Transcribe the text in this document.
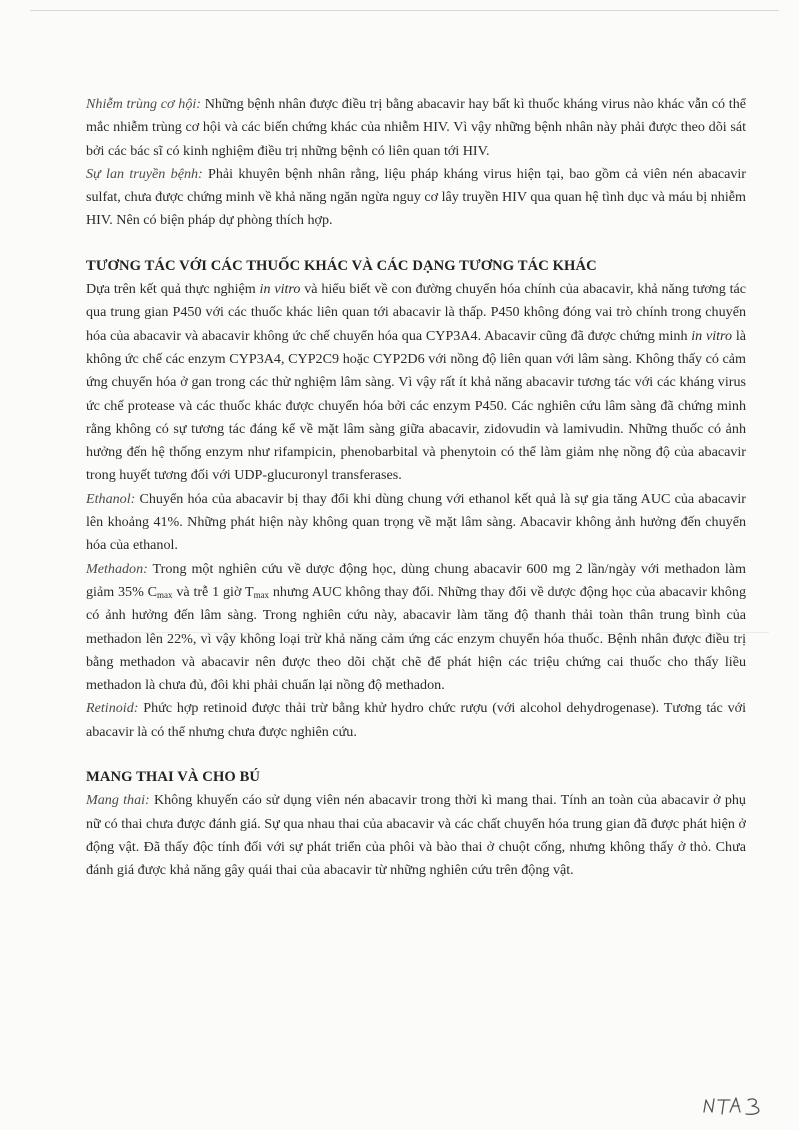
Nhiễm trùng cơ hội: Những bệnh nhân được điều trị bằng abacavir hay bất kì thuốc kháng virus nào khác vẫn có thể mắc nhiễm trùng cơ hội và các biến chứng khác của nhiễm HIV. Vì vậy những bệnh nhân này phải được theo dõi sát bởi các bác sĩ có kinh nghiệm điều trị những bệnh có liên quan tới HIV.

Sự lan truyền bệnh: Phải khuyên bệnh nhân rằng, liệu pháp kháng virus hiện tại, bao gồm cả viên nén abacavir sulfat, chưa được chứng minh về khả năng ngăn ngừa nguy cơ lây truyền HIV qua quan hệ tình dục và máu bị nhiễm HIV. Nên có biện pháp dự phòng thích hợp.

TƯƠNG TÁC VỚI CÁC THUỐC KHÁC VÀ CÁC DẠNG TƯƠNG TÁC KHÁC

Dựa trên kết quả thực nghiệm in vitro và hiểu biết về con đường chuyển hóa chính của abacavir, khả năng tương tác qua trung gian P450 với các thuốc khác liên quan tới abacavir là thấp. P450 không đóng vai trò chính trong chuyển hóa của abacavir và abacavir không ức chế chuyển hóa qua CYP3A4. Abacavir cũng đã được chứng minh in vitro là không ức chế các enzym CYP3A4, CYP2C9 hoặc CYP2D6 với nồng độ liên quan với lâm sàng. Không thấy có cảm ứng chuyển hóa ở gan trong các thử nghiệm lâm sàng. Vì vậy rất ít khả năng abacavir tương tác với các kháng virus ức chế protease và các thuốc khác được chuyển hóa bởi các enzym P450. Các nghiên cứu lâm sàng đã chứng minh rằng không có sự tương tác đáng kể về mặt lâm sàng giữa abacavir, zidovudin và lamivudin. Những thuốc có ảnh hưởng đến hệ thống enzym như rifampicin, phenobarbital và phenytoin có thể làm giảm nhẹ nồng độ của abacavir trong huyết tương đối với UDP-glucuronyl transferases.

Ethanol: Chuyển hóa của abacavir bị thay đổi khi dùng chung với ethanol kết quả là sự gia tăng AUC của abacavir lên khoảng 41%. Những phát hiện này không quan trọng về mặt lâm sàng. Abacavir không ảnh hưởng đến chuyển hóa của ethanol.

Methadon: Trong một nghiên cứu về dược động học, dùng chung abacavir 600 mg 2 lần/ngày với methadon làm giảm 35% $C_{max}$ và trễ 1 giờ $T_{max}$ nhưng AUC không thay đổi. Những thay đổi về dược động học của abacavir không có ảnh hưởng đến lâm sàng. Trong nghiên cứu này, abacavir làm tăng độ thanh thải toàn thân trung bình của methadon lên 22%, vì vậy không loại trừ khả năng cảm ứng các enzym chuyển hóa thuốc. Bệnh nhân được điều trị bằng methadon và abacavir nên được theo dõi chặt chẽ để phát hiện các triệu chứng cai thuốc cho thấy liều methadon là chưa đủ, đôi khi phải chuẩn lại nồng độ methadon.

Retinoid: Phức hợp retinoid được thải trừ bằng khử hydro chức rượu (với alcohol dehydrogenase). Tương tác với abacavir là có thể nhưng chưa được nghiên cứu.

MANG THAI VÀ CHO BÚ

Mang thai: Không khuyến cáo sử dụng viên nén abacavir trong thời kì mang thai. Tính an toàn của abacavir ở phụ nữ có thai chưa được đánh giá. Sự qua nhau thai của abacavir và các chất chuyển hóa trung gian đã được phát hiện ở động vật. Đã thấy độc tính đối với sự phát triển của phôi và bào thai ở chuột cống, nhưng không thấy ở thỏ. Chưa đánh giá được khả năng gây quái thai của abacavir từ những nghiên cứu trên động vật.
